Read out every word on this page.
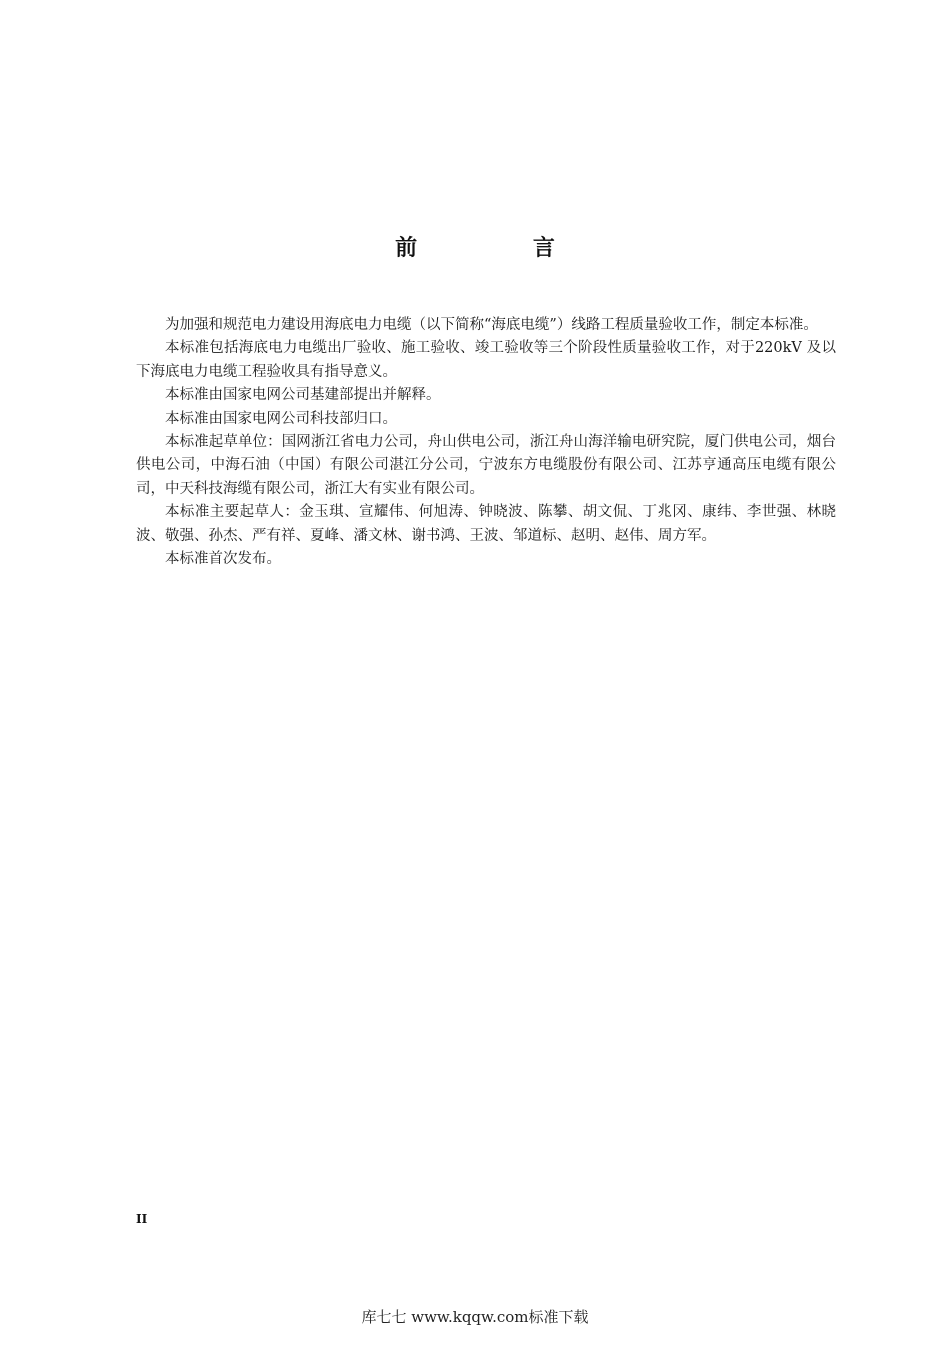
前 言

为加强和规范电力建设用海底电力电缆（以下简称“海底电缆”）线路工程质量验收工作，制定本标准。

本标准包括海底电力电缆出厂验收、施工验收、竣工验收等三个阶段性质量验收工作，对于220kV 及以下海底电力电缆工程验收具有指导意义。

本标准由国家电网公司基建部提出并解释。

本标准由国家电网公司科技部归口。

本标准起草单位：国网浙江省电力公司，舟山供电公司，浙江舟山海洋输电研究院，厦门供电公司，烟台供电公司，中海石油（中国）有限公司湛江分公司，宁波东方电缆股份有限公司、江苏亨通高压电缆有限公司，中天科技海缆有限公司，浙江大有实业有限公司。

本标准主要起草人：金玉琪、宣耀伟、何旭涛、钟晓波、陈攀、胡文侃、丁兆冈、康纬、李世强、林晓波、敬强、孙杰、严有祥、夏峰、潘文林、谢书鸿、王波、邹道标、赵明、赵伟、周方军。

本标准首次发布。

II
库七七 www.kqqw.com标准下载
